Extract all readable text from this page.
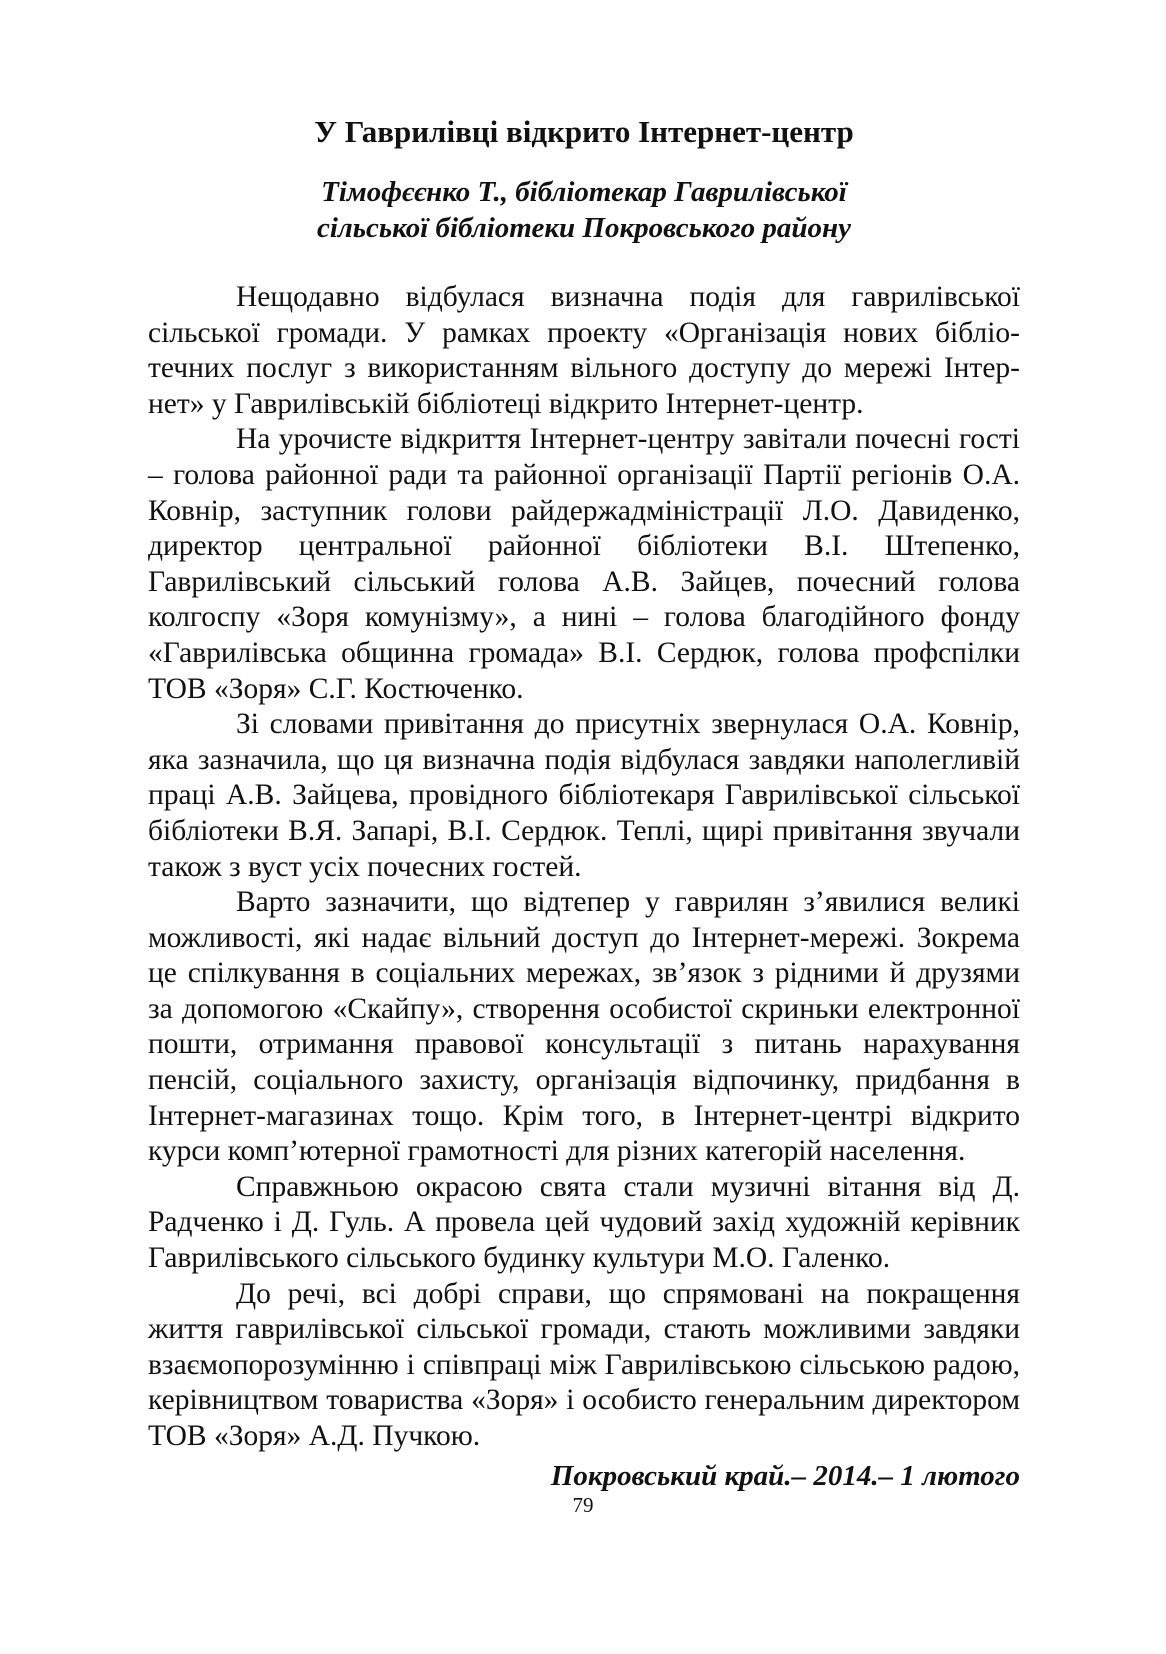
У Гаврилівці відкрито Інтернет-центр
Тімофєєнко Т., бібліотекар Гаврилівської
сільської бібліотеки Покровського району

Нещодавно відбулася визначна подія для гаврилівської сільської громади. У рамках проекту «Організація нових бібліотечних послуг з використанням вільного доступу до мережі Інтернет» у Гаврилівській бібліотеці відкрито Інтернет-центр.

На урочисте відкриття Інтернет-центру завітали почесні гості – голова районної ради та районної організації Партії регіонів О.А. Ковнір, заступник голови райдержадміністрації Л.О. Давиденко, директор центральної районної бібліотеки В.І. Штепенко, Гаврилівський сільський голова А.В. Зайцев, почесний голова колгоспу «Зоря комунізму», а нині – голова благодійного фонду «Гаврилівська общинна громада» В.І. Сердюк, голова профспілки ТОВ «Зоря» С.Г. Костюченко.

Зі словами привітання до присутніх звернулася О.А. Ковнір, яка зазначила, що ця визначна подія відбулася завдяки наполегливій праці А.В. Зайцева, провідного бібліотекаря Гаврилівської сільської бібліотеки В.Я. Запарі, В.І. Сердюк. Теплі, щирі привітання звучали також з вуст усіх почесних гостей.

Варто зазначити, що відтепер у гаврилян з’явилися великі можливості, які надає вільний доступ до Інтернет-мережі. Зокрема це спілкування в соціальних мережах, зв’язок з рідними й друзями за допомогою «Скайпу», створення особистої скриньки електронної пошти, отримання правової консультації з питань нарахування пенсій, соціального захисту, організація відпочинку, придбання в Інтернет-магазинах тощо. Крім того, в Інтернет-центрі відкрито курси комп’ютерної грамотності для різних категорій населення.

Справжньою окрасою свята стали музичні вітання від Д. Радченко і Д. Гуль. А провела цей чудовий захід художній керівник Гаврилівського сільського будинку культури М.О. Галенко.

До речі, всі добрі справи, що спрямовані на покращення життя гаврилівської сільської громади, стають можливими завдяки взаємопорозумінню і співпраці між Гаврилівською сільською радою, керівництвом товариства «Зоря» і особисто генеральним директором ТОВ «Зоря» А.Д. Пучкою.

Покровський край.– 2014.– 1 лютого
79
